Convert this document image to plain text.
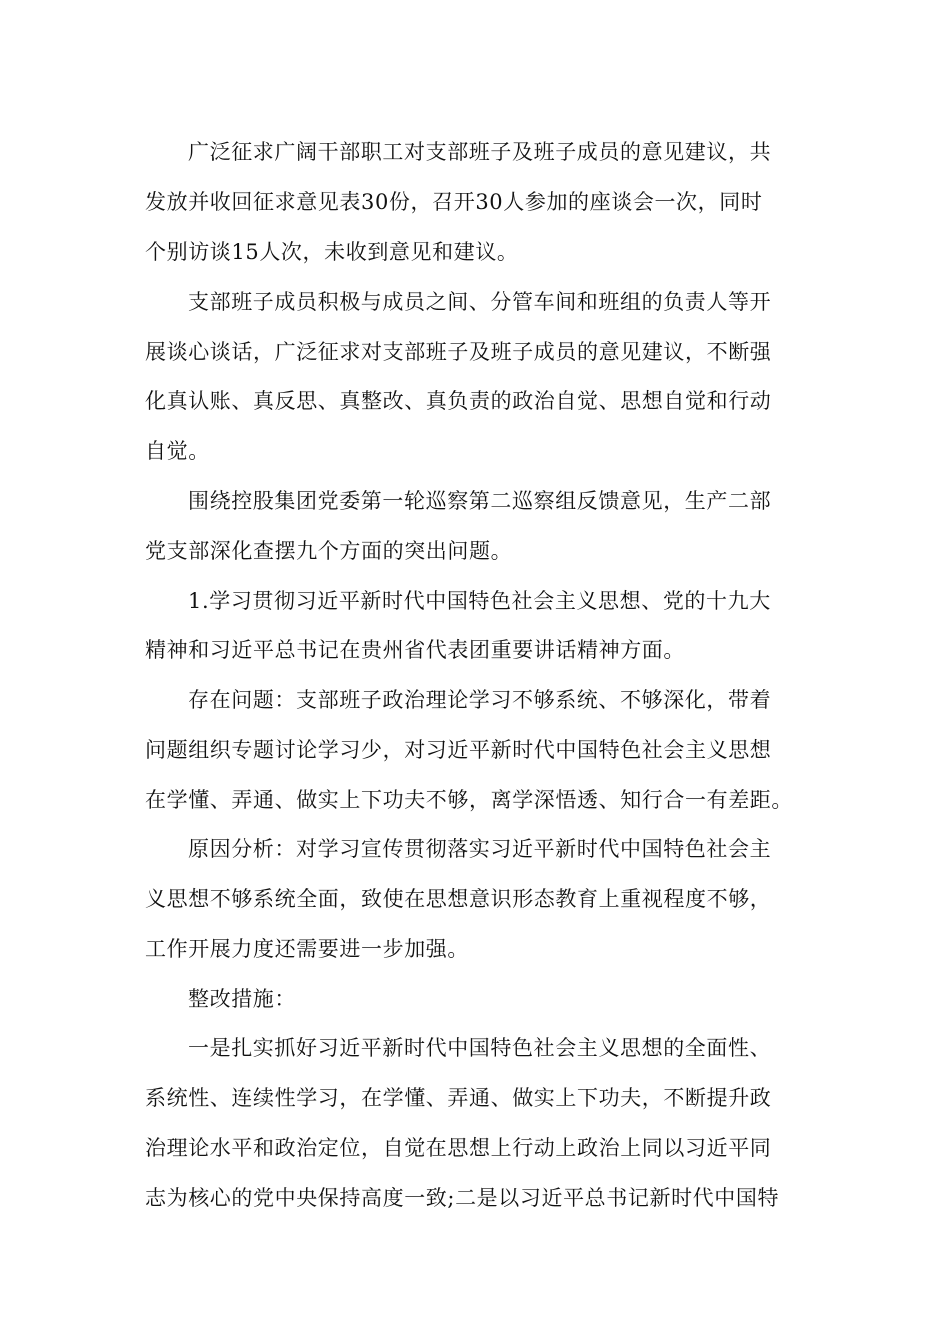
广泛征求广阔干部职工对支部班子及班子成员的意见建议，共
发放并收回征求意见表30份，召开30人参加的座谈会一次，同时
个别访谈15人次，未收到意见和建议。
支部班子成员积极与成员之间、分管车间和班组的负责人等开
展谈心谈话，广泛征求对支部班子及班子成员的意见建议，不断强
化真认账、真反思、真整改、真负责的政治自觉、思想自觉和行动
自觉。
围绕控股集团党委第一轮巡察第二巡察组反馈意见，生产二部
党支部深化查摆九个方面的突出问题。
1.学习贯彻习近平新时代中国特色社会主义思想、党的十九大
精神和习近平总书记在贵州省代表团重要讲话精神方面。
存在问题：支部班子政治理论学习不够系统、不够深化，带着
问题组织专题讨论学习少，对习近平新时代中国特色社会主义思想
在学懂、弄通、做实上下功夫不够，离学深悟透、知行合一有差距。
原因分析：对学习宣传贯彻落实习近平新时代中国特色社会主
义思想不够系统全面，致使在思想意识形态教育上重视程度不够，
工作开展力度还需要进一步加强。
整改措施：
一是扎实抓好习近平新时代中国特色社会主义思想的全面性、
系统性、连续性学习，在学懂、弄通、做实上下功夫，不断提升政
治理论水平和政治定位，自觉在思想上行动上政治上同以习近平同
志为核心的党中央保持高度一致;二是以习近平总书记新时代中国特
